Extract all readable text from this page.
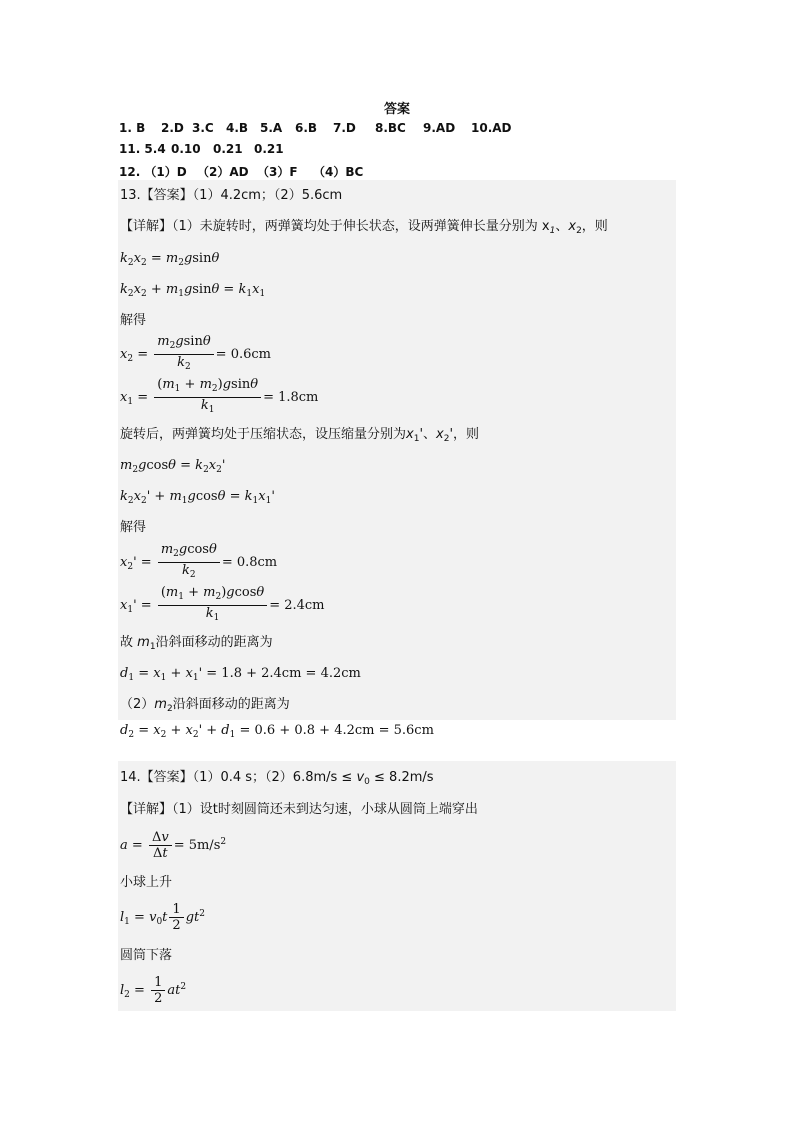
答案
1. B 2.D 3.C 4.B 5.A 6.B 7.D 8.BC 9.AD 10.AD
11. 5.4 0.10 0.21 0.21
12. （1）D （2）AD （3）F （4）BC
13.【答案】（1）4.2cm；（2）5.6cm
【详解】（1）未旋转时，两弹簧均处于伸长状态，设两弹簧伸长量分别为 $x_1$、$x_2$，则
$k_2x_2 = m_2gsin\theta$
$k_2x_2 + m_1gsin\theta = k_1x_1$
解得
$x_2 = \frac{m_2gsin\theta}{k_2} = 0.6cm$
$x_1 = \frac{(m_1 + m_2)gsin\theta}{k_1} = 1.8cm$
旋转后，两弹簧均处于压缩状态，设压缩量分别为$x_1'$、$x_2'$，则
$m_2gcos\theta = k_2x_2'$
$k_2x_2' + m_1gcos\theta = k_1x_1'$
解得
$x_2' = \frac{m_2gcos\theta}{k_2} = 0.8cm$
$x_1' = \frac{(m_1 + m_2)gcos\theta}{k_1} = 2.4cm$
故 $m_1$沿斜面移动的距离为
$d_1 = x_1 + x_1' = 1.8 + 2.4cm = 4.2cm$
$(2)m_2$沿斜面移动的距离为
$d_2 = x_2 + x_2' + d_1 = 0.6 + 0.8 + 4.2cm = 5.6cm$
14.【答案】（1）0.4 s；$(2)6.8m/s \le v_0 \le 8.2m/s$
【详解】（1）设t时刻圆筒还未到达匀速，小球从圆筒上端穿出
$a = \frac{\Delta v}{\Delta t} = 5m/s^2$
小球上升
$l_1 = v_0t \frac{1}{2} gt^2$
圆筒下落
$l_2 = \frac{1}{2} at^2$
